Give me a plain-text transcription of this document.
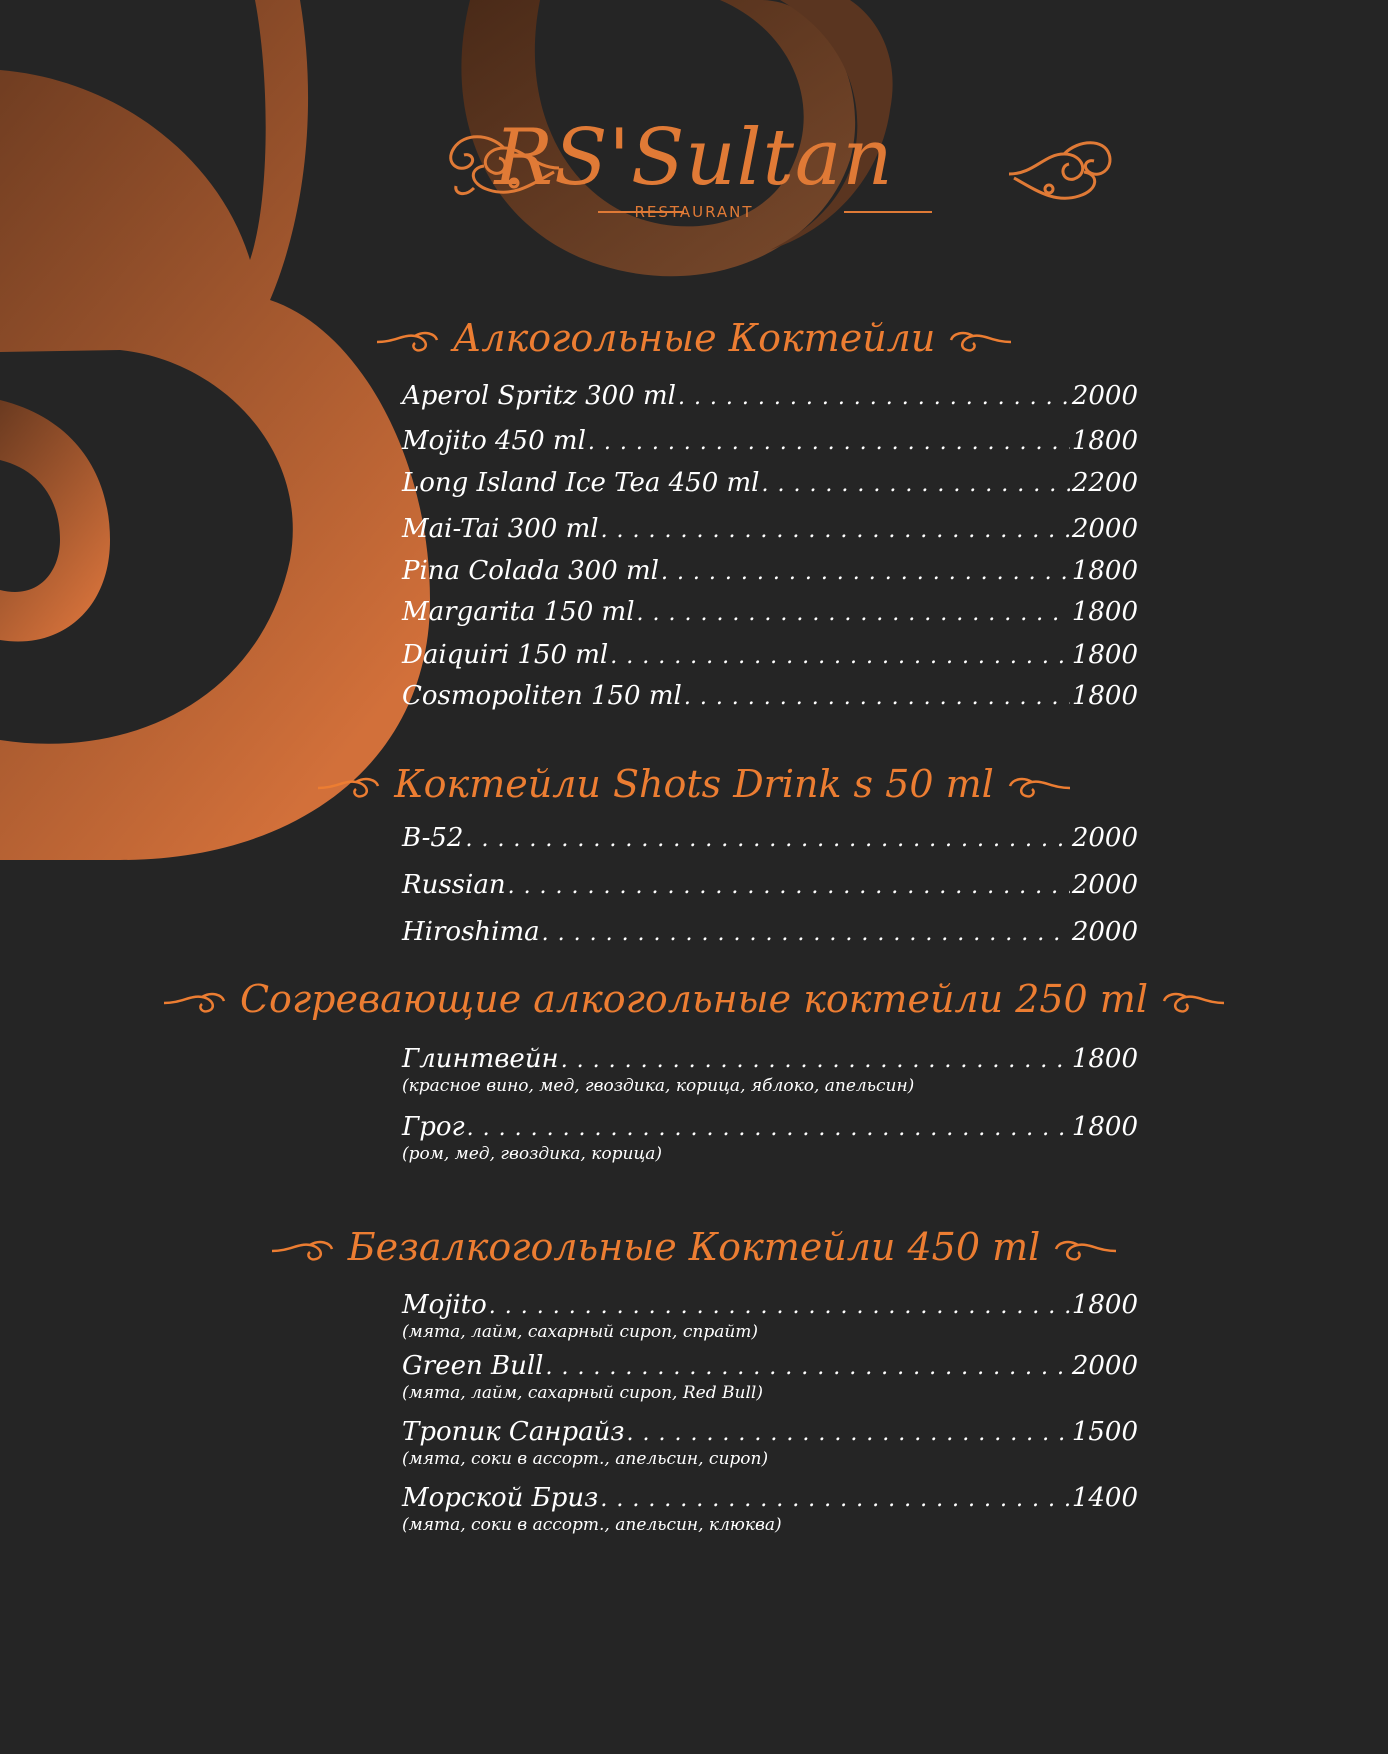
RS'Sultan
RESTAURANT
Алкогольные Коктейли
Aperol Spritz 300 ml . . .	2000
Mojito 450 ml . . .	1800
Long Island Ice Tea 450 ml . . .	2200
Mai-Tai 300 ml . . .	2000
Pina Colada 300 ml . . .	1800
Margarita 150 ml . . .	1800
Daiquiri 150 ml . . .	1800
Cosmopoliten 150 ml . . .	1800
Коктейли Shots Drink s 50 ml
B-52 . . .	2000
Russian . . .	2000
Hiroshima . . .	2000
Согревающие алкогольные коктейли 250 ml
Глинтвейн . . .	1800
(красное вино, мед, гвоздика, корица, яблоко, апельсин)
Грог . . .	1800
(ром, мед, гвоздика, корица)
Безалкогольные Коктейли 450 ml
Mojito . . .	1800
(мята, лайм, сахарный сироп, спрайт)
Green Bull . . .	2000
(мята, лайм, сахарный сироп, Red Bull)
Тропик Санрайз . . .	1500
(мята, соки в ассорт., апельсин, сироп)
Морской Бриз . . .	1400
(мята, соки в ассорт., апельсин, клюква)
